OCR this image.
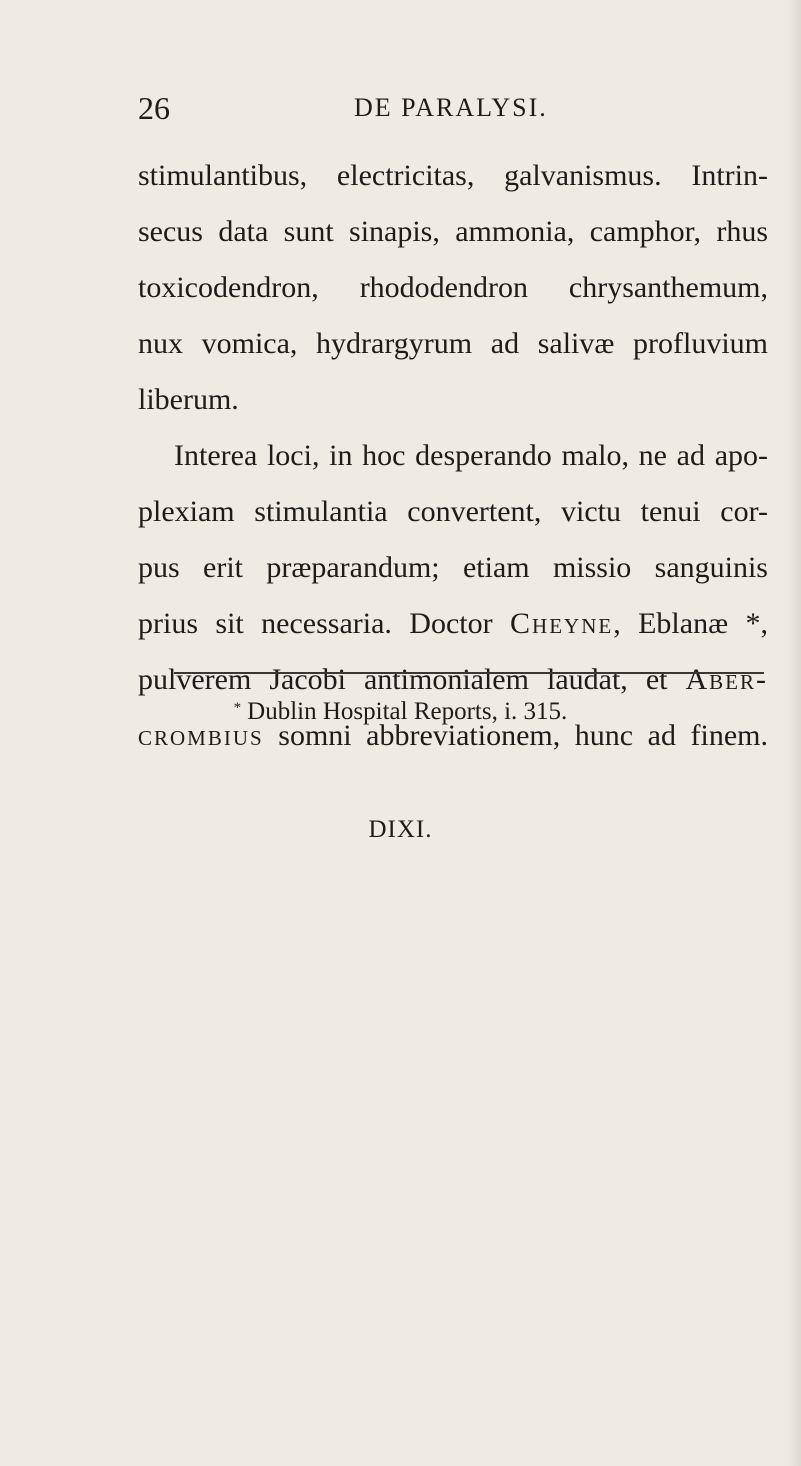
26	DE PARALYSI.
stimulantibus, electricitas, galvanismus. Intrin-
secus data sunt sinapis, ammonia, camphor, rhus
toxicodendron, rhododendron chrysanthemum,
nux vomica, hydrargyrum ad salivæ profluvium
liberum.
Interea loci, in hoc desperando malo, ne ad apo-
plexiam stimulantia convertent, victu tenui cor-
pus erit præparandum; etiam missio sanguinis
prius sit necessaria. Doctor Cheyne, Eblanæ *,
pulverem Jacobi antimonialem laudat, et Aber-
crombius somni abbreviationem, hunc ad finem.
* Dublin Hospital Reports, i. 315.
DIXI.
